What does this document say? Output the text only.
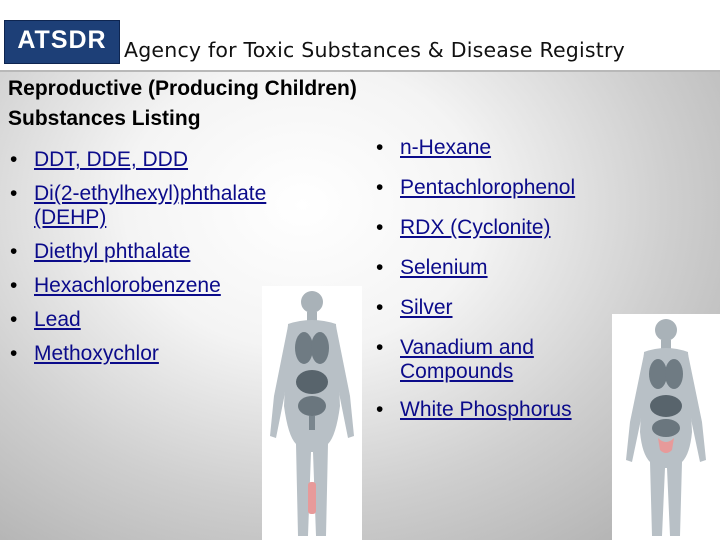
ATSDR Agency for Toxic Substances & Disease Registry
Reproductive (Producing Children)
Substances Listing
• DDT, DDE, DDD
• Di(2-ethylhexyl)phthalate (DEHP)
• Diethyl phthalate
• Hexachlorobenzene
• Lead
• Methoxychlor
• n-Hexane
• Pentachlorophenol
• RDX (Cyclonite)
• Selenium
• Silver
• Vanadium and Compounds
• White Phosphorus
